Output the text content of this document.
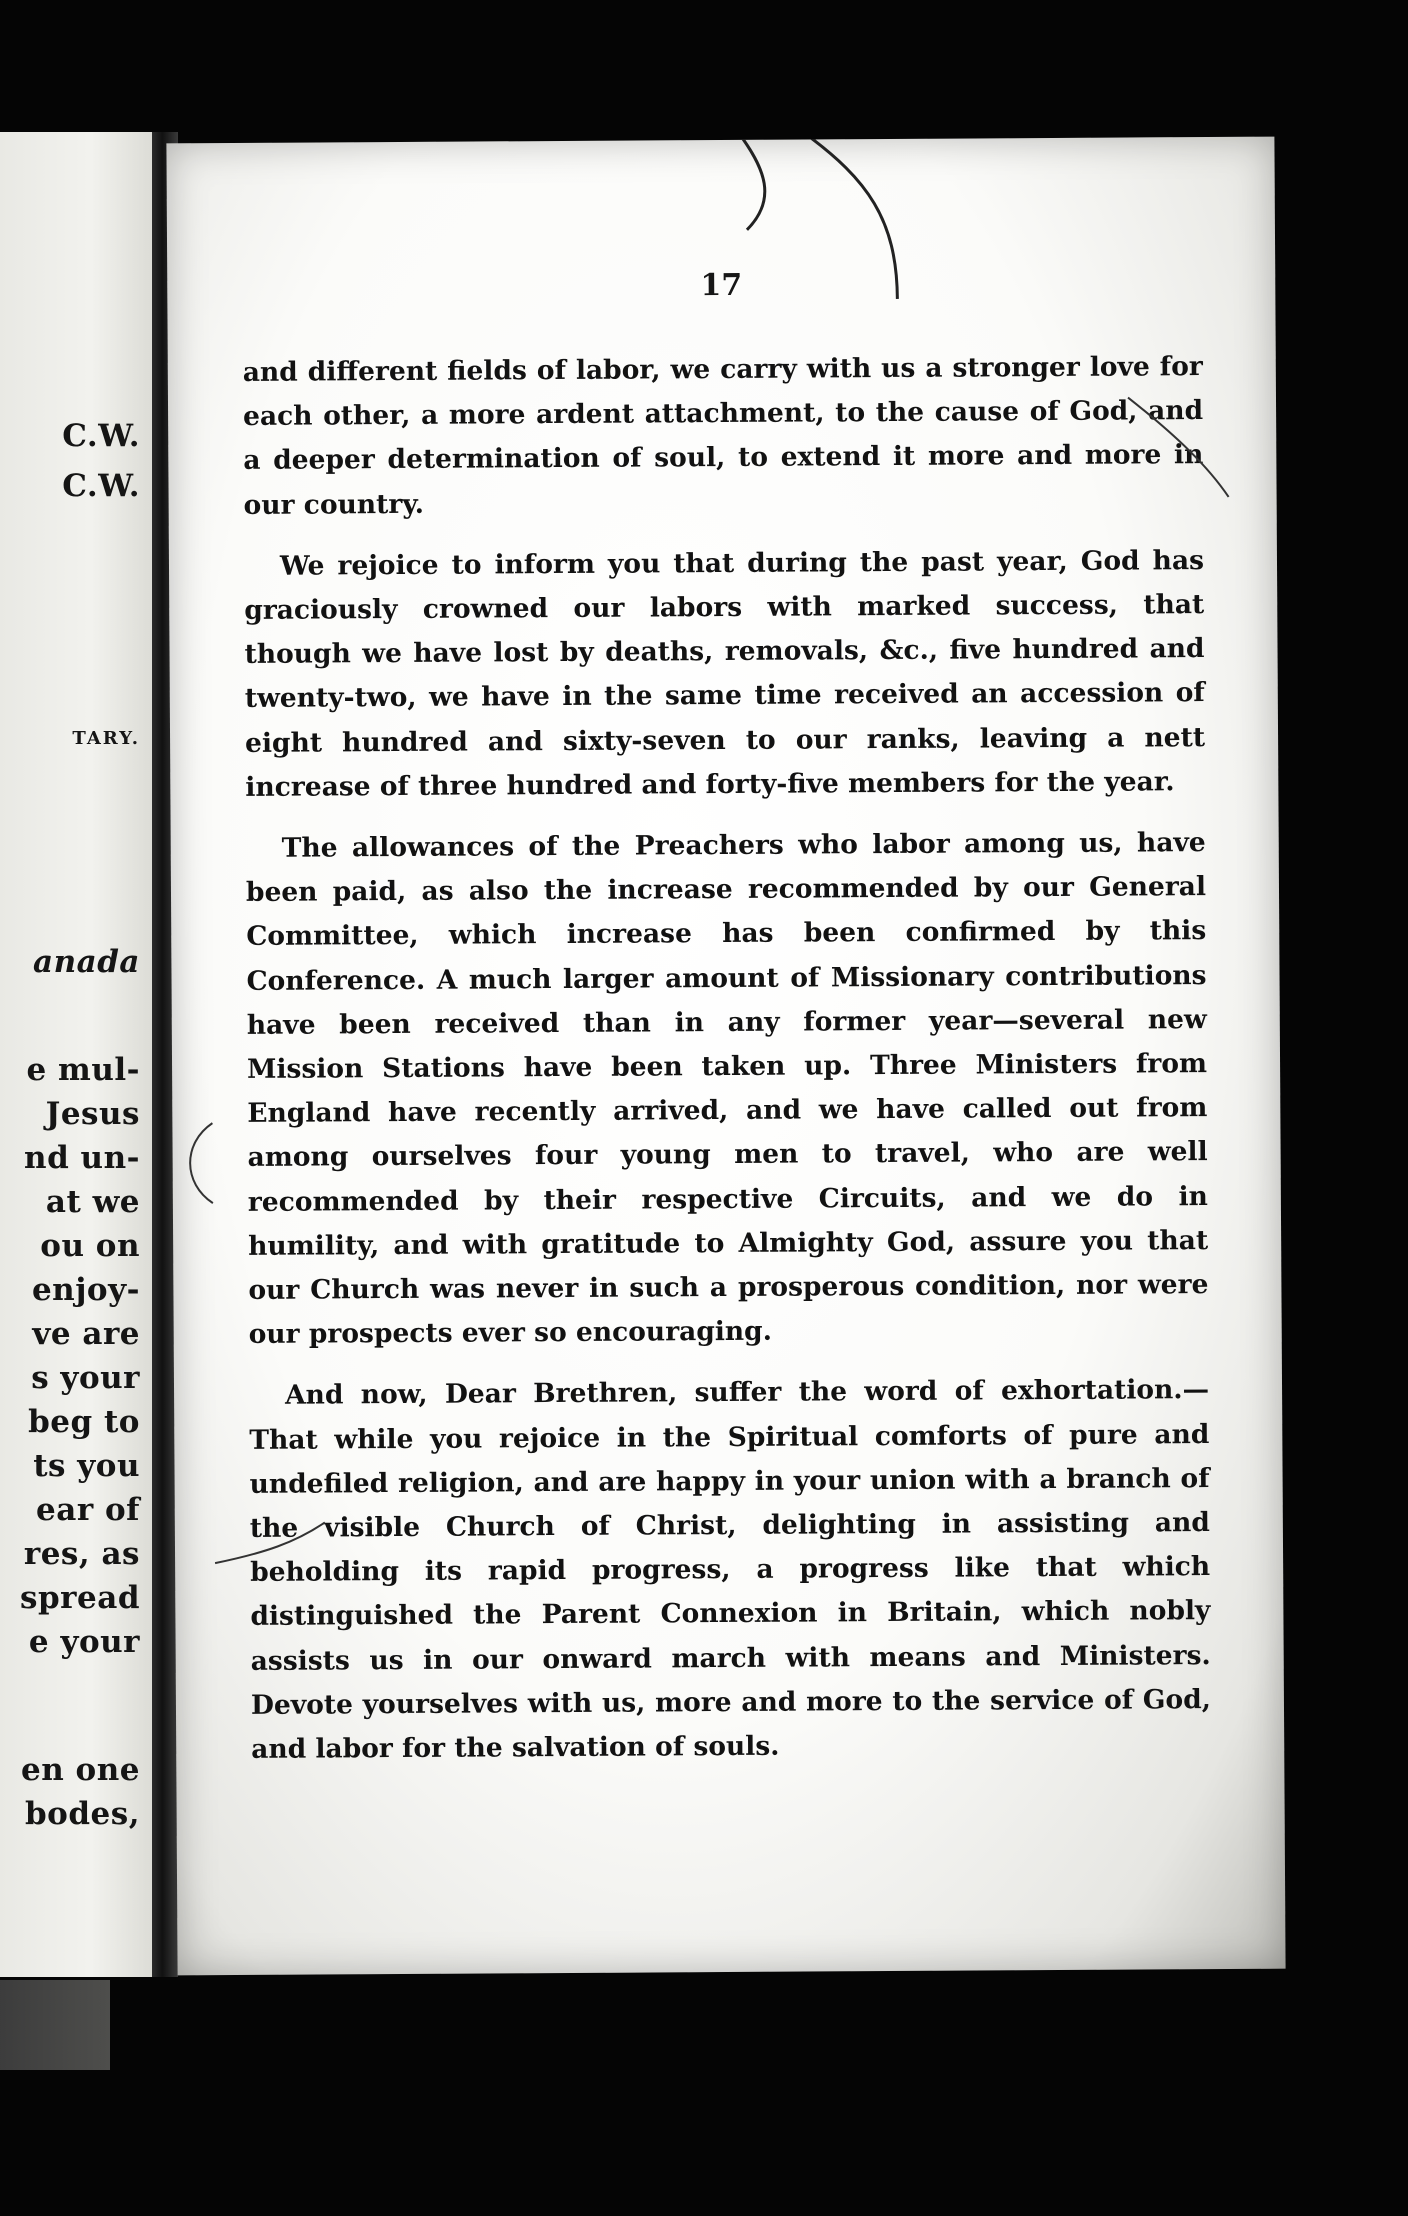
C.W.
C.W.
TARY.
anada
e mul-
Jesus
nd un-
at we
ou on
enjoy-
ve are
s your
beg to
ts you
ear of
res, as
spread
e your
en one
bodes,
17

and different fields of labor, we carry with us a stronger love for each other, a more ardent attachment, to the cause of God, and a deeper determination of soul, to extend it more and more in our country.

We rejoice to inform you that during the past year, God has graciously crowned our labors with marked success, that though we have lost by deaths, removals, &c., five hundred and twenty-two, we have in the same time received an accession of eight hundred and sixty-seven to our ranks, leaving a nett increase of three hundred and forty-five members for the year.

The allowances of the Preachers who labor among us, have been paid, as also the increase recommended by our General Committee, which increase has been confirmed by this Conference. A much larger amount of Missionary contributions have been received than in any former year—several new Mission Stations have been taken up. Three Ministers from England have recently arrived, and we have called out from among ourselves four young men to travel, who are well recommended by their respective Circuits, and we do in humility, and with gratitude to Almighty God, assure you that our Church was never in such a prosperous condition, nor were our prospects ever so encouraging.

And now, Dear Brethren, suffer the word of exhortation.—That while you rejoice in the Spiritual comforts of pure and undefiled religion, and are happy in your union with a branch of the visible Church of Christ, delighting in assisting and beholding its rapid progress, a progress like that which distinguished the Parent Connexion in Britain, which nobly assists us in our onward march with means and Ministers. Devote yourselves with us, more and more to the service of God, and labor for the salvation of souls.
